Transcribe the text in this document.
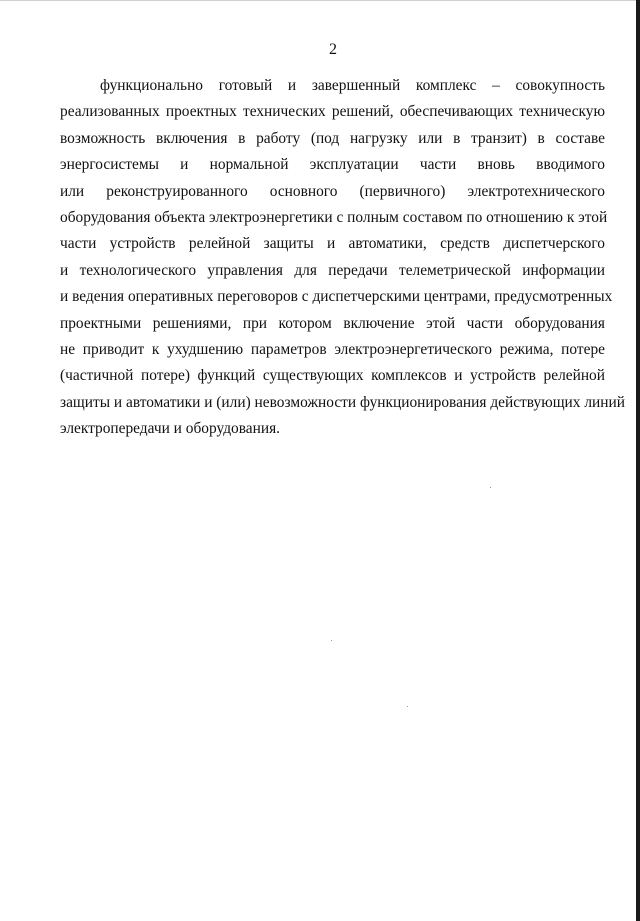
2

функционально готовый и завершенный комплекс – совокупность
реализованных проектных технических решений, обеспечивающих техническую
возможность включения в работу (под нагрузку или в транзит) в составе
энергосистемы и нормальной эксплуатации части вновь вводимого
или реконструированного основного (первичного) электротехнического
оборудования объекта электроэнергетики с полным составом по отношению к этой
части устройств релейной защиты и автоматики, средств диспетчерского
и технологического управления для передачи телеметрической информации
и ведения оперативных переговоров с диспетчерскими центрами, предусмотренных
проектными решениями, при котором включение этой части оборудования
не приводит к ухудшению параметров электроэнергетического режима, потере
(частичной потере) функций существующих комплексов и устройств релейной
защиты и автоматики и (или) невозможности функционирования действующих линий
электропередачи и оборудования.
